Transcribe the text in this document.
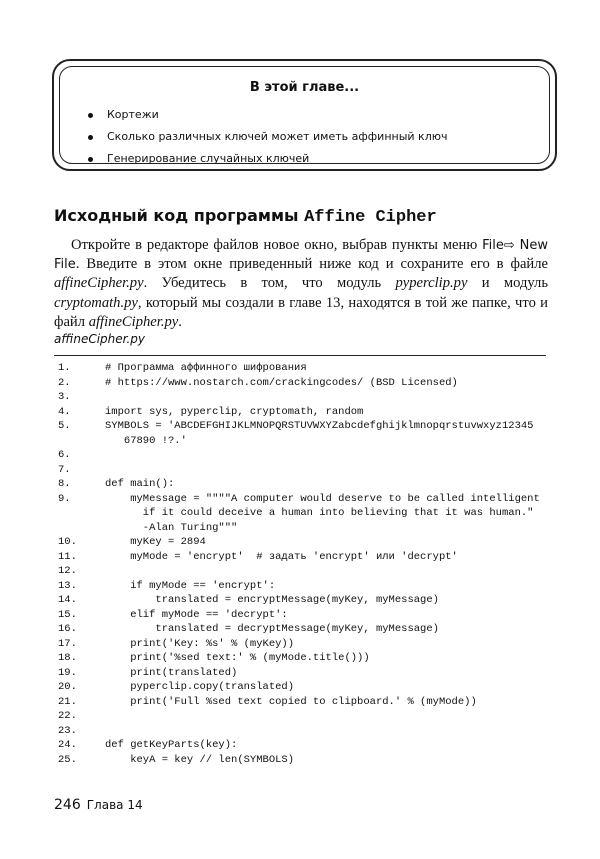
В этой главе...
Кортежи
Сколько различных ключей может иметь аффинный ключ
Генерирование случайных ключей
Исходный код программы Affine Cipher

Откройте в редакторе файлов новое окно, выбрав пункты меню File⇨ New File. Введите в этом окне приведенный ниже код и сохраните его в файле affineCipher.py. Убедитесь в том, что модуль pyperclip.py и модуль cryptomath.py, который мы создали в главе 13, находятся в той же папке, что и файл affineCipher.py.

affineCipher.py
1.	# Программа аффинного шифрования
2.	# https://www.nostarch.com/crackingcodes/ (BSD Licensed)
3.
4.	import sys, pyperclip, cryptomath, random
5.	SYMBOLS = 'ABCDEFGHIJKLMNOPQRSTUVWXYZabcdefghijklmnopqrstuvwxyz12345
67890 !?.'
6.
7.
8.	def main():
9.	myMessage = """"A computer would deserve to be called intelligent
if it could deceive a human into believing that it was human."
-Alan Turing"""
10.	myKey = 2894
11.	myMode = 'encrypt'  # задать 'encrypt' или 'decrypt'
12.
13.	if myMode == 'encrypt':
14.	translated = encryptMessage(myKey, myMessage)
15.	elif myMode == 'decrypt':
16.	translated = decryptMessage(myKey, myMessage)
17.	print('Key: %s' % (myKey))
18.	print('%sed text:' % (myMode.title()))
19.	print(translated)
20.	pyperclip.copy(translated)
21.	print('Full %sed text copied to clipboard.' % (myMode))
22.
23.
24.	def getKeyParts(key):
25.	keyA = key // len(SYMBOLS)
246 Глава 14
